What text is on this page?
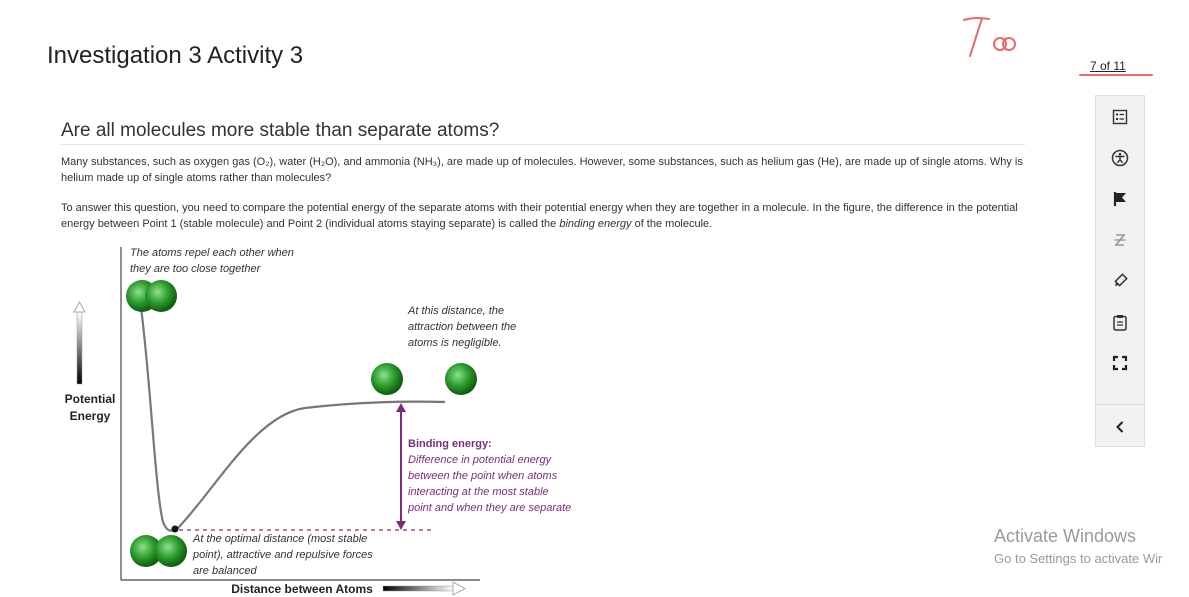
Investigation 3 Activity 3	7 of 11
Are all molecules more stable than separate atoms?

Many substances, such as oxygen gas (O₂), water (H₂O), and ammonia (NH₃), are made up of molecules. However, some substances, such as helium gas (He), are made up of single atoms. Why is helium made up of single atoms rather than molecules?

To answer this question, you need to compare the potential energy of the separate atoms with their potential energy when they are together in a molecule. In the figure, the difference in the potential energy between Point 1 (stable molecule) and Point 2 (individual atoms staying separate) is called the binding energy of the molecule.

Potential
Energy
Distance between Atoms
The atoms repel each other when
they are too close together
At this distance, the
attraction between the
atoms is negligible.
Binding energy:
Difference in potential energy
between the point when atoms
interacting at the most stable
point and when they are separate
At the optimal distance (most stable
point), attractive and repulsive forces
are balanced
Activate Windows
Go to Settings to activate Wir
